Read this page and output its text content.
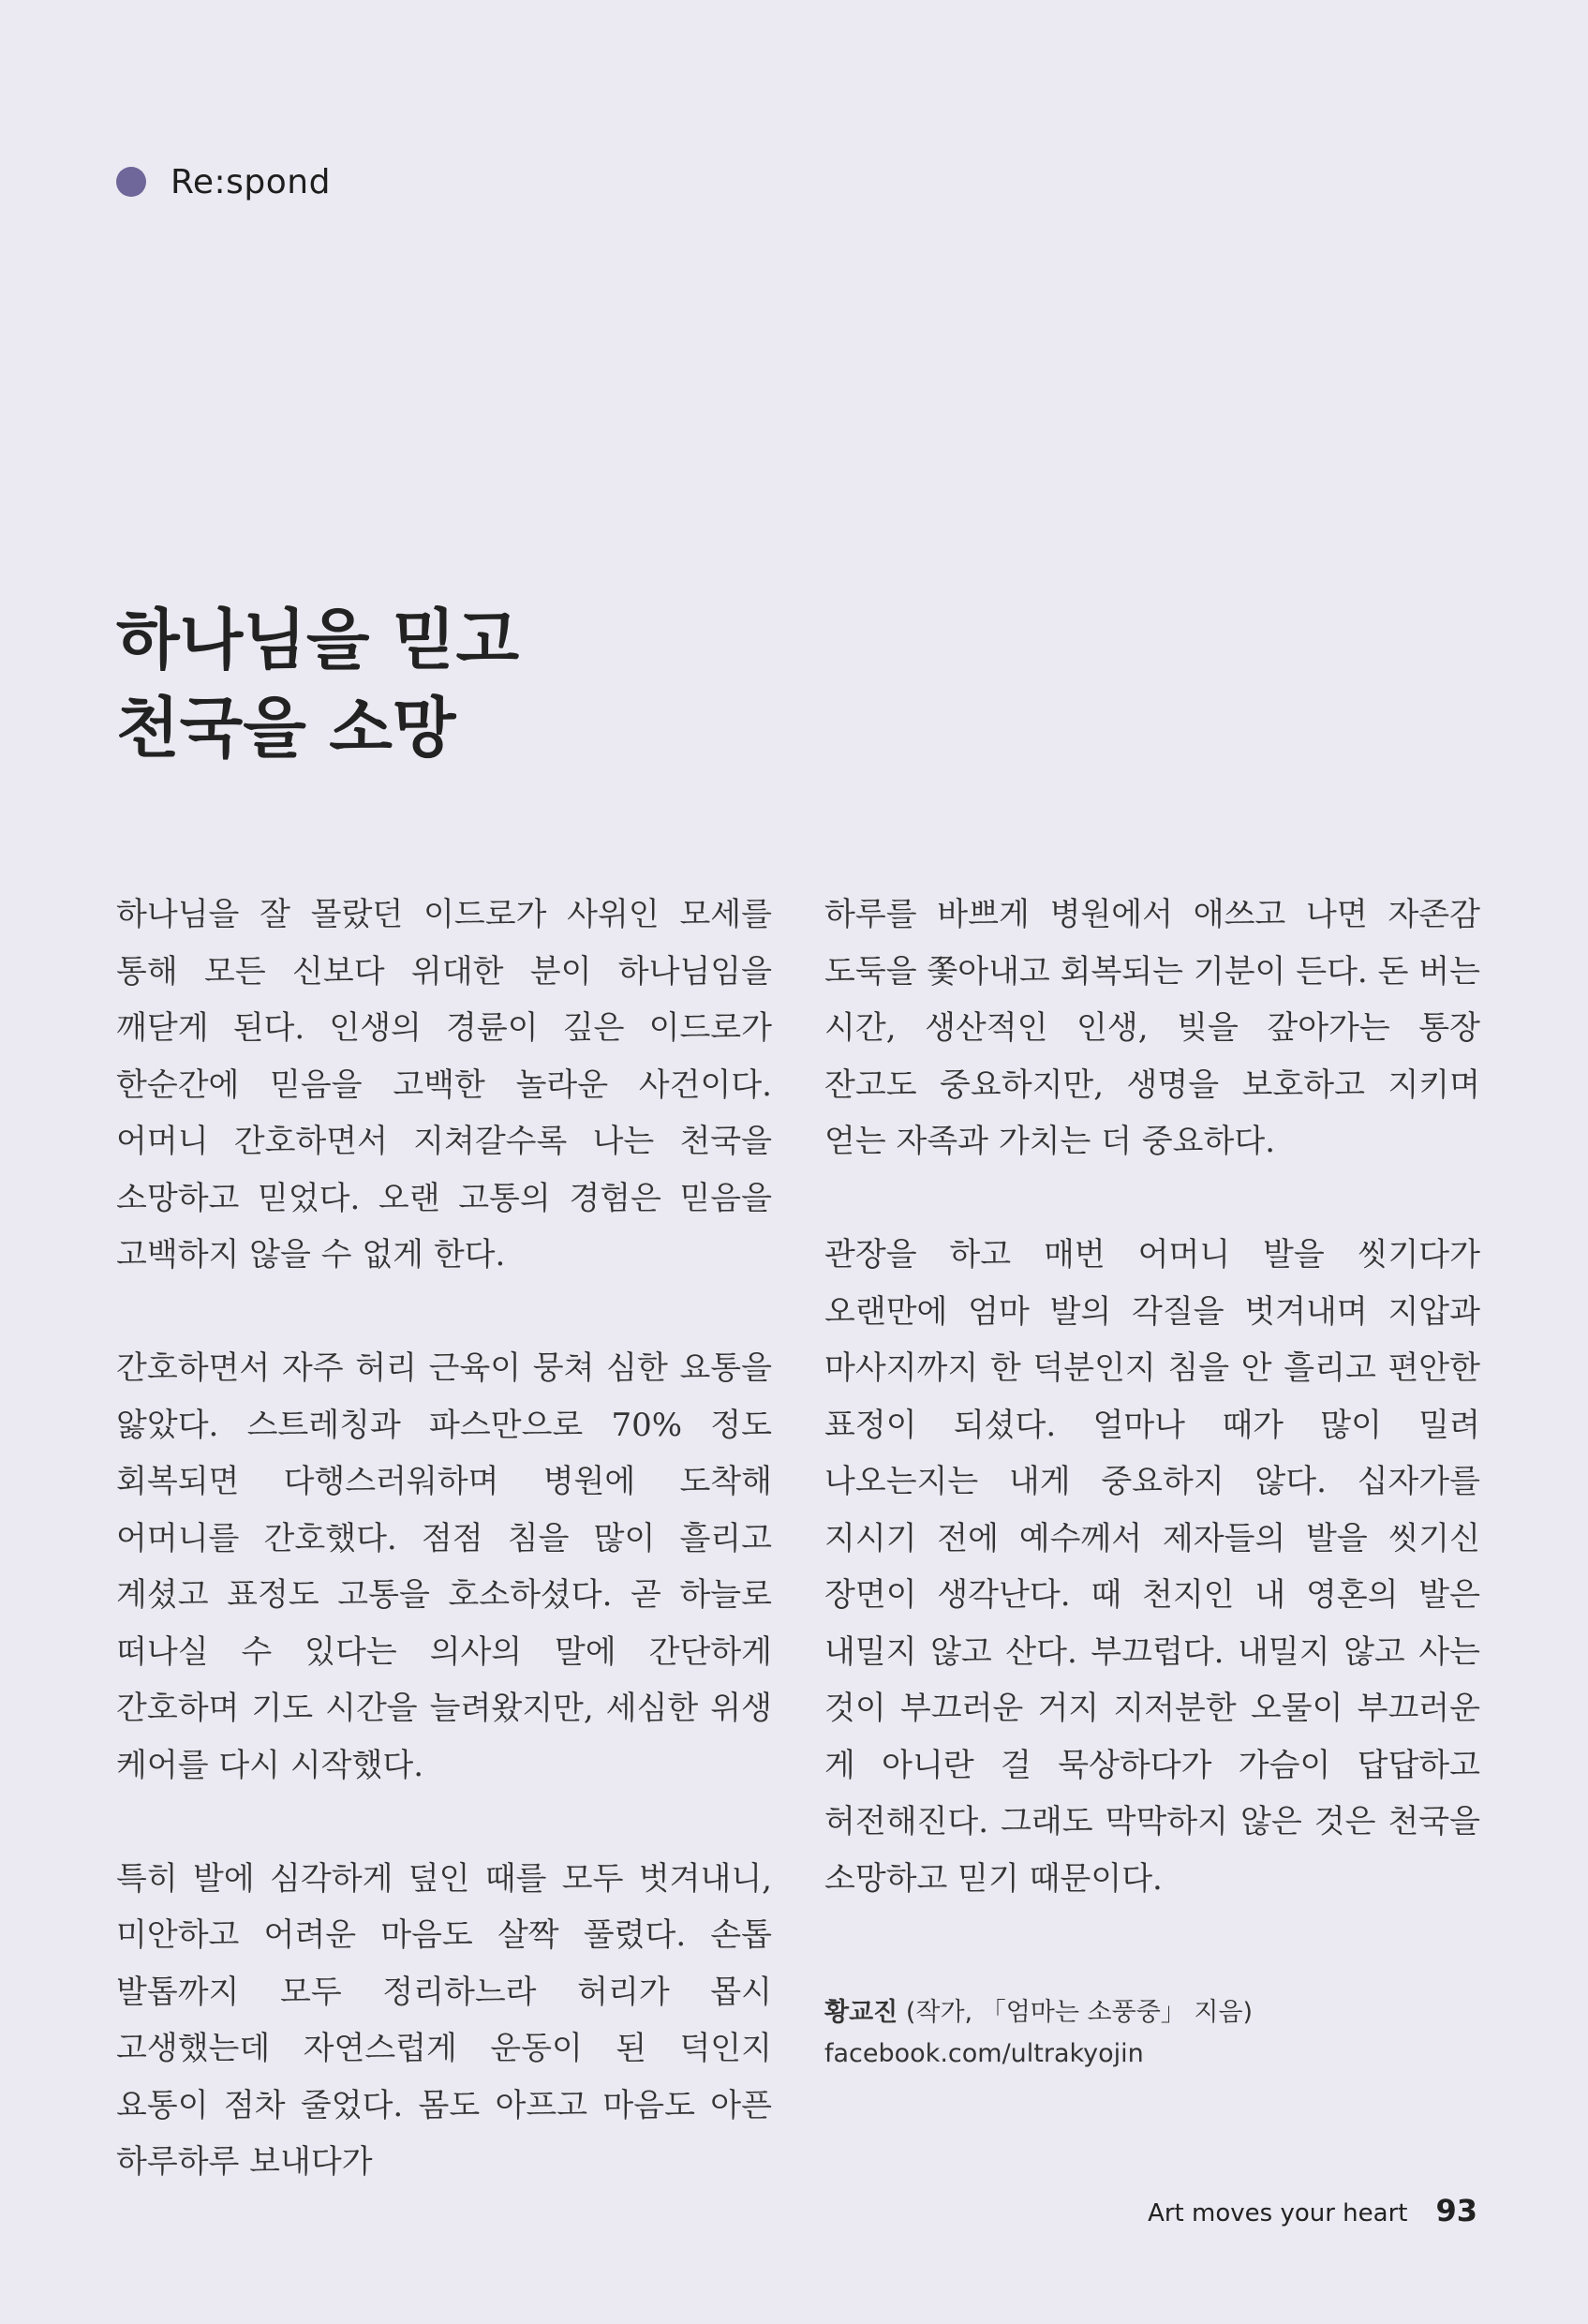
Re:spond
하나님을 믿고
천국을 소망

하나님을 잘 몰랐던 이드로가 사위인 모세를 통해 모든 신보다 위대한 분이 하나님임을 깨닫게 된다. 인생의 경륜이 깊은 이드로가 한순간에 믿음을 고백한 놀라운 사건이다. 어머니 간호하면서 지쳐갈수록 나는 천국을 소망하고 믿었다. 오랜 고통의 경험은 믿음을 고백하지 않을 수 없게 한다.

간호하면서 자주 허리 근육이 뭉쳐 심한 요통을 앓았다. 스트레칭과 파스만으로 70% 정도 회복되면 다행스러워하며 병원에 도착해 어머니를 간호했다. 점점 침을 많이 흘리고 계셨고 표정도 고통을 호소하셨다. 곧 하늘로 떠나실 수 있다는 의사의 말에 간단하게 간호하며 기도 시간을 늘려왔지만, 세심한 위생 케어를 다시 시작했다.

특히 발에 심각하게 덮인 때를 모두 벗겨내니, 미안하고 어려운 마음도 살짝 풀렸다. 손톱 발톱까지 모두 정리하느라 허리가 몹시 고생했는데 자연스럽게 운동이 된 덕인지 요통이 점차 줄었다. 몸도 아프고 마음도 아픈 하루하루 보내다가

하루를 바쁘게 병원에서 애쓰고 나면 자존감 도둑을 쫓아내고 회복되는 기분이 든다. 돈 버는 시간, 생산적인 인생, 빚을 갚아가는 통장 잔고도 중요하지만, 생명을 보호하고 지키며 얻는 자족과 가치는 더 중요하다.

관장을 하고 매번 어머니 발을 씻기다가 오랜만에 엄마 발의 각질을 벗겨내며 지압과 마사지까지 한 덕분인지 침을 안 흘리고 편안한 표정이 되셨다. 얼마나 때가 많이 밀려 나오는지는 내게 중요하지 않다. 십자가를 지시기 전에 예수께서 제자들의 발을 씻기신 장면이 생각난다. 때 천지인 내 영혼의 발은 내밀지 않고 산다. 부끄럽다. 내밀지 않고 사는 것이 부끄러운 거지 지저분한 오물이 부끄러운 게 아니란 걸 묵상하다가 가슴이 답답하고 허전해진다. 그래도 막막하지 않은 것은 천국을 소망하고 믿기 때문이다.

황교진 (작가, 「엄마는 소풍중」 지음)
facebook.com/ultrakyojin
Art moves your heart 93
